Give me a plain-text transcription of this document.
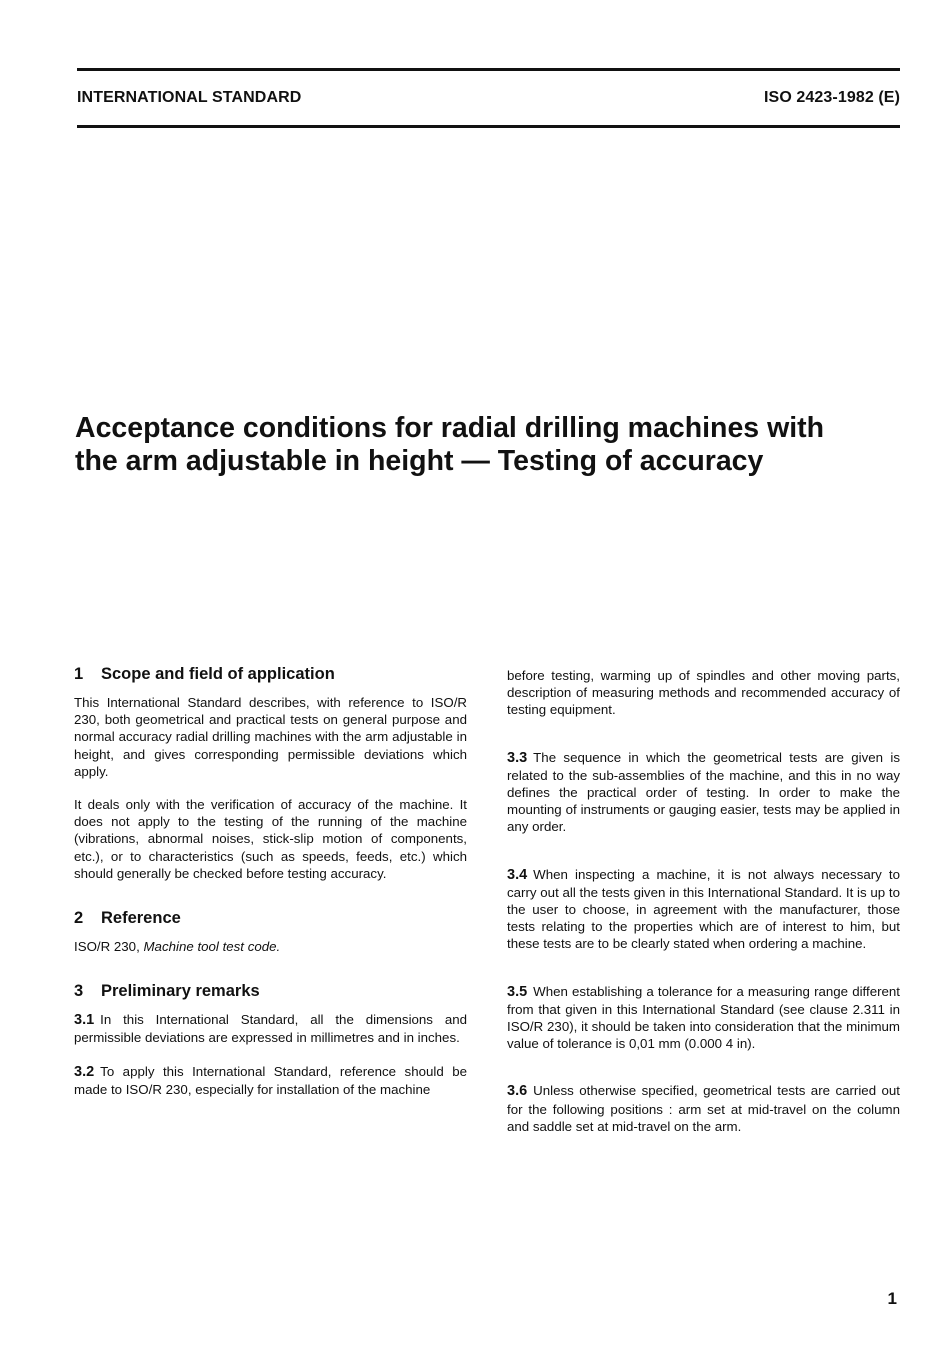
INTERNATIONAL STANDARD	ISO 2423-1982 (E)
Acceptance conditions for radial drilling machines with
the arm adjustable in height — Testing of accuracy
1 Scope and field of application

This International Standard describes, with reference to ISO/R 230, both geometrical and practical tests on general purpose and normal accuracy radial drilling machines with the arm adjustable in height, and gives corresponding permissible deviations which apply.

It deals only with the verification of accuracy of the machine. It does not apply to the testing of the running of the machine (vibrations, abnormal noises, stick-slip motion of components, etc.), or to characteristics (such as speeds, feeds, etc.) which should generally be checked before testing accuracy.

2 Reference

ISO/R 230, Machine tool test code.

3 Preliminary remarks

3.1 In this International Standard, all the dimensions and permissible deviations are expressed in millimetres and in inches.

3.2 To apply this International Standard, reference should be made to ISO/R 230, especially for installation of the machine

before testing, warming up of spindles and other moving parts, description of measuring methods and recommended accuracy of testing equipment.

3.3 The sequence in which the geometrical tests are given is related to the sub-assemblies of the machine, and this in no way defines the practical order of testing. In order to make the mounting of instruments or gauging easier, tests may be applied in any order.

3.4 When inspecting a machine, it is not always necessary to carry out all the tests given in this International Standard. It is up to the user to choose, in agreement with the manufacturer, those tests relating to the properties which are of interest to him, but these tests are to be clearly stated when ordering a machine.

3.5 When establishing a tolerance for a measuring range different from that given in this International Standard (see clause 2.311 in ISO/R 230), it should be taken into consideration that the minimum value of tolerance is 0,01 mm (0.000 4 in).

3.6 Unless otherwise specified, geometrical tests are carried out for the following positions : arm set at mid-travel on the column and saddle set at mid-travel on the arm.

1
